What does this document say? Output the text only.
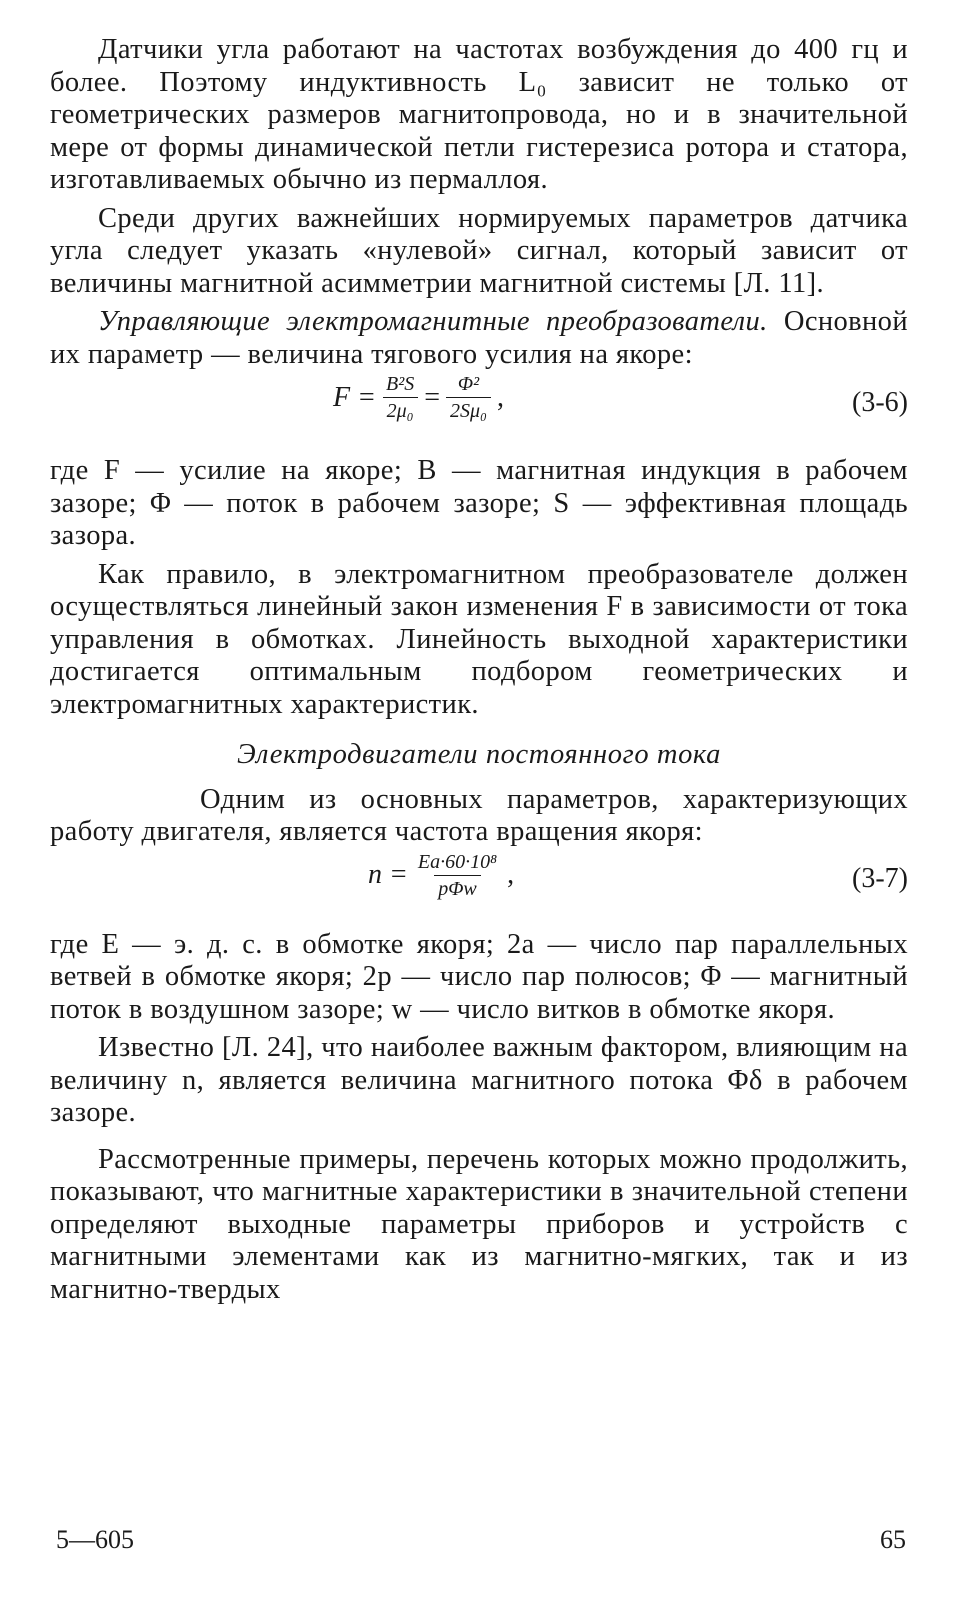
Датчики угла работают на частотах возбуждения до 400 гц и более. Поэтому индуктивность L₀ зависит не только от геометрических размеров магнитопровода, но и в значительной мере от формы динамической петли гистерезиса ротора и статора, изготавливаемых обычно из пермаллоя.

Среди других важнейших нормируемых параметров датчика угла следует указать «нулевой» сигнал, который зависит от величины магнитной асимметрии магнитной системы [Л. 11].

Управляющие электромагнитные преобразователи. Основной их параметр — величина тягового усилия на якоре:

$F = \frac{\text{B²S}}{\text{2μ₀}} = \frac{\text{Φ²}}{\text{2Sμ₀}}$ ,	(3-6)

где F — усилие на якоре; B — магнитная индукция в рабочем зазоре; Φ — поток в рабочем зазоре; S — эффективная площадь зазора.

Как правило, в электромагнитном преобразователе должен осуществляться линейный закон изменения F в зависимости от тока управления в обмотках. Линейность выходной характеристики достигается оптимальным подбором геометрических и электромагнитных характеристик.

Электродвигатели постоянного тока

Одним из основных параметров, характеризующих работу двигателя, является частота вращения якоря:

$n = \frac{\text{Ea·60·10⁸}}{\text{pΦw}}$ ,	(3-7)

где E — э. д. с. в обмотке якоря; 2a — число пар параллельных ветвей в обмотке якоря; 2p — число пар полюсов; Φ — магнитный поток в воздушном зазоре; w — число витков в обмотке якоря.

Известно [Л. 24], что наиболее важным фактором, влияющим на величину n, является величина магнитного потока Φδ в рабочем зазоре.

Рассмотренные примеры, перечень которых можно продолжить, показывают, что магнитные характеристики в значительной степени определяют выходные параметры приборов и устройств с магнитными элементами как из магнитно-мягких, так и из магнитно-твердых

5—605	65
